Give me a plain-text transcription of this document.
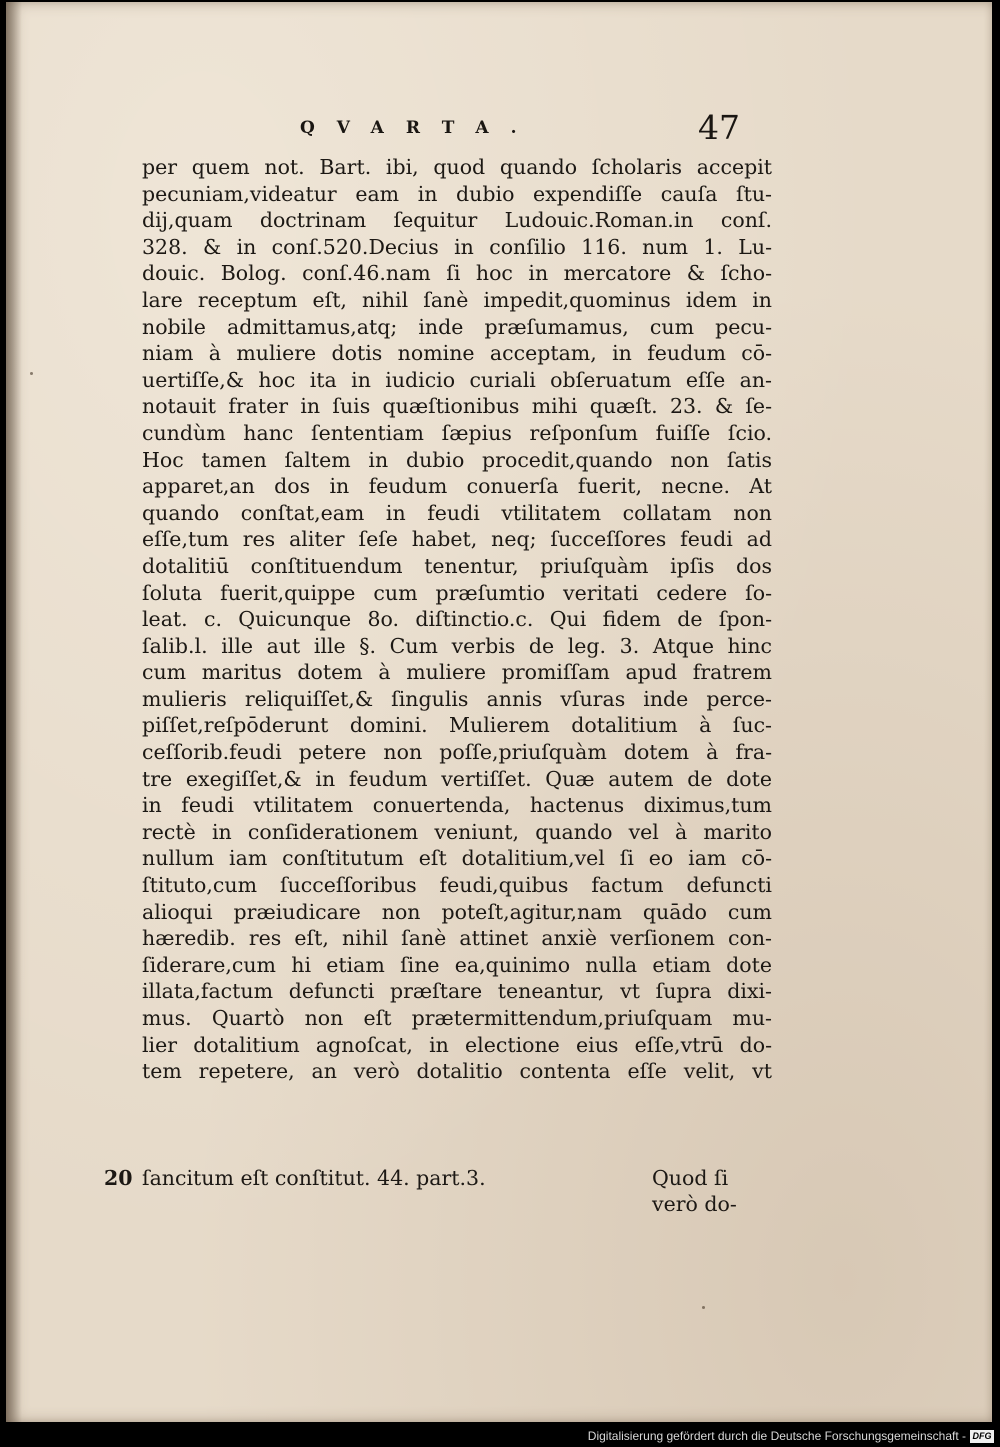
QVARTA.	47
per quem not. Bart. ibi, quod quando ſcholaris accepit
pecuniam,videatur eam in dubio expendiſſe cauſa ſtu-
dij,quam doctrinam ſequitur Ludouic.Roman.in conſ.
328. & in conſ.520.Decius in conſilio 116. num 1. Lu-
douic. Bolog. conſ.46.nam ſi hoc in mercatore & ſcho-
lare receptum eſt, nihil ſanè impedit,quominus idem in
nobile admittamus,atq; inde præſumamus, cum pecu-
niam à muliere dotis nomine acceptam, in feudum cō-
uertiſſe,& hoc ita in iudicio curiali obſeruatum eſſe an-
notauit frater in ſuis quæſtionibus mihi quæſt. 23. & ſe-
cundùm hanc ſententiam ſæpius reſponſum fuiſſe ſcio.
Hoc tamen ſaltem in dubio procedit,quando non ſatis
apparet,an dos in feudum conuerſa fuerit, necne. At
quando conſtat,eam in feudi vtilitatem collatam non
eſſe,tum res aliter ſeſe habet, neq; ſucceſſores feudi ad
dotalitiū conſtituendum tenentur, priuſquàm ipſis dos
ſoluta fuerit,quippe cum præſumtio veritati cedere ſo-
leat. c. Quicunque 8o. diſtinctio.c. Qui fidem de ſpon-
ſalib.l. ille aut ille §. Cum verbis de leg. 3. Atque hinc
cum maritus dotem à muliere promiſſam apud fratrem
mulieris reliquiſſet,& ſingulis annis vſuras inde perce-
piſſet,reſpōderunt domini. Mulierem dotalitium à ſuc-
ceſſorib.feudi petere non poſſe,priuſquàm dotem à fra-
tre exegiſſet,& in feudum vertiſſet. Quæ autem de dote
in feudi vtilitatem conuertenda, hactenus diximus,tum
rectè in conſiderationem veniunt, quando vel à marito
nullum iam conſtitutum eſt dotalitium,vel ſi eo iam cō-
ſtituto,cum ſucceſſoribus feudi,quibus factum defuncti
alioqui præiudicare non poteſt,agitur,nam quādo cum
hæredib. res eſt, nihil ſanè attinet anxiè verſionem con-
ſiderare,cum hi etiam ſine ea,quinimo nulla etiam dote
illata,factum defuncti præſtare teneantur, vt ſupra dixi-
mus. Quartò non eſt prætermittendum,priuſquam mu-
lier dotalitium agnoſcat, in electione eius eſſe,vtrū do-
tem repetere, an verò dotalitio contenta eſſe velit, vt
20 ſancitum eſt conſtitut. 44. part.3.	Quod ſi
verò do-
Digitalisierung gefördert durch die Deutsche Forschungsgemeinschaft - DFG
